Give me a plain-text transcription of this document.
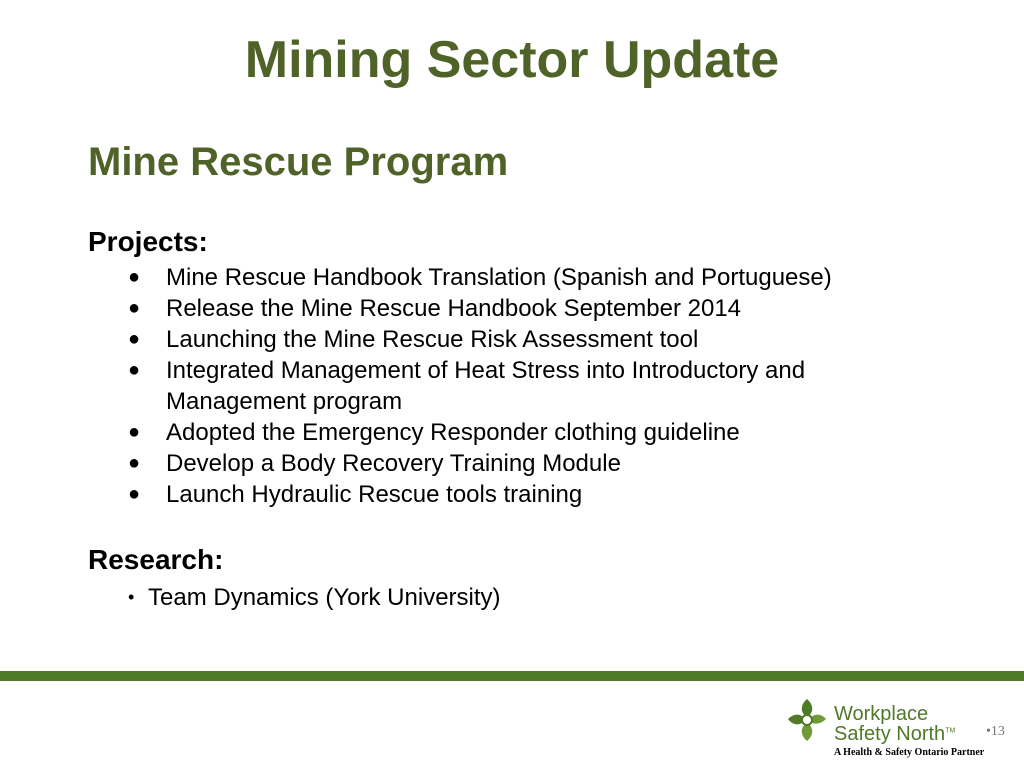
Mining Sector Update
Mine Rescue Program
Projects:
● Mine Rescue Handbook Translation (Spanish and Portuguese)
● Release the Mine Rescue Handbook September 2014
● Launching the Mine Rescue Risk Assessment tool
● Integrated Management of Heat Stress into Introductory and Management program
● Adopted the Emergency Responder clothing guideline
● Develop a Body Recovery Training Module
● Launch Hydraulic Rescue tools training
Research:
• Team Dynamics (York University)
Workplace
Safety North™
A Health & Safety Ontario Partner
•13
